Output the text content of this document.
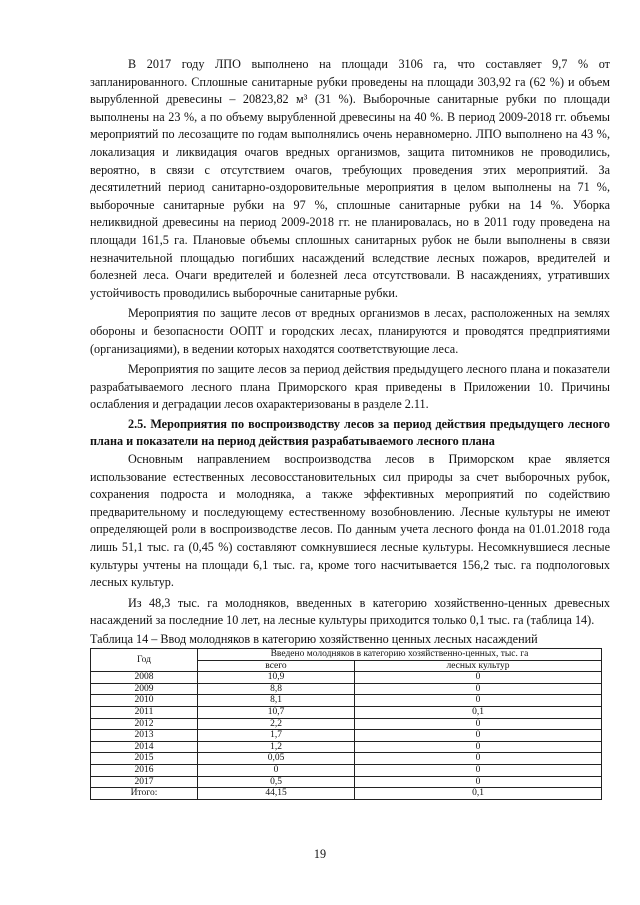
В 2017 году ЛПО выполнено на площади 3106 га, что составляет 9,7 % от запланированного. Сплошные санитарные рубки проведены на площади 303,92 га (62 %) и объем вырубленной древесины – 20823,82 м³ (31 %). Выборочные санитарные рубки по площади выполнены на 23 %, а по объему вырубленной древесины на 40 %. В период 2009-2018 гг. объемы мероприятий по лесозащите по годам выполнялись очень неравномерно. ЛПО выполнено на 43 %, локализация и ликвидация очагов вредных организмов, защита питомников не проводились, вероятно, в связи с отсутствием очагов, требующих проведения этих мероприятий. За десятилетний период санитарно-оздоровительные мероприятия в целом выполнены на 71 %, выборочные санитарные рубки на 97 %, сплошные санитарные рубки на 14 %. Уборка неликвидной древесины на период 2009-2018 гг. не планировалась, но в 2011 году проведена на площади 161,5 га. Плановые объемы сплошных санитарных рубок не были выполнены в связи незначительной площадью погибших насаждений вследствие лесных пожаров, вредителей и болезней леса. Очаги вредителей и болезней леса отсутствовали. В насаждениях, утративших устойчивость проводились выборочные санитарные рубки.

Мероприятия по защите лесов от вредных организмов в лесах, расположенных на землях обороны и безопасности ООПТ и городских лесах, планируются и проводятся предприятиями (организациями), в ведении которых находятся соответствующие леса.

Мероприятия по защите лесов за период действия предыдущего лесного плана и показатели разрабатываемого лесного плана Приморского края приведены в Приложении 10. Причины ослабления и деградации лесов охарактеризованы в разделе 2.11.

2.5. Мероприятия по воспроизводству лесов за период действия предыдущего лесного плана и показатели на период действия разрабатываемого лесного плана

Основным направлением воспроизводства лесов в Приморском крае является использование естественных лесовосстановительных сил природы за счет выборочных рубок, сохранения подроста и молодняка, а также эффективных мероприятий по содействию предварительному и последующему естественному возобновлению. Лесные культуры не имеют определяющей роли в воспроизводстве лесов. По данным учета лесного фонда на 01.01.2018 года лишь 51,1 тыс. га (0,45 %) составляют сомкнувшиеся лесные культуры. Несомкнувшиеся лесные культуры учтены на площади 6,1 тыс. га, кроме того насчитывается 156,2 тыс. га подпологовых лесных культур.

Из 48,3 тыс. га молодняков, введенных в категорию хозяйственно-ценных древесных насаждений за последние 10 лет, на лесные культуры приходится только 0,1 тыс. га (таблица 14).

Таблица 14 – Ввод молодняков в категорию хозяйственно ценных лесных насаждений
Год	Введено молодняков в категорию хозяйственно-ценных, тыс. га	
	всего	лесных культур
2008	10,9	0
2009	8,8	0
2010	8,1	0
2011	10,7	0,1
2012	2,2	0
2013	1,7	0
2014	1,2	0
2015	0,05	0
2016	0	0
2017	0,5	0
Итого:	44,15	0,1
19
